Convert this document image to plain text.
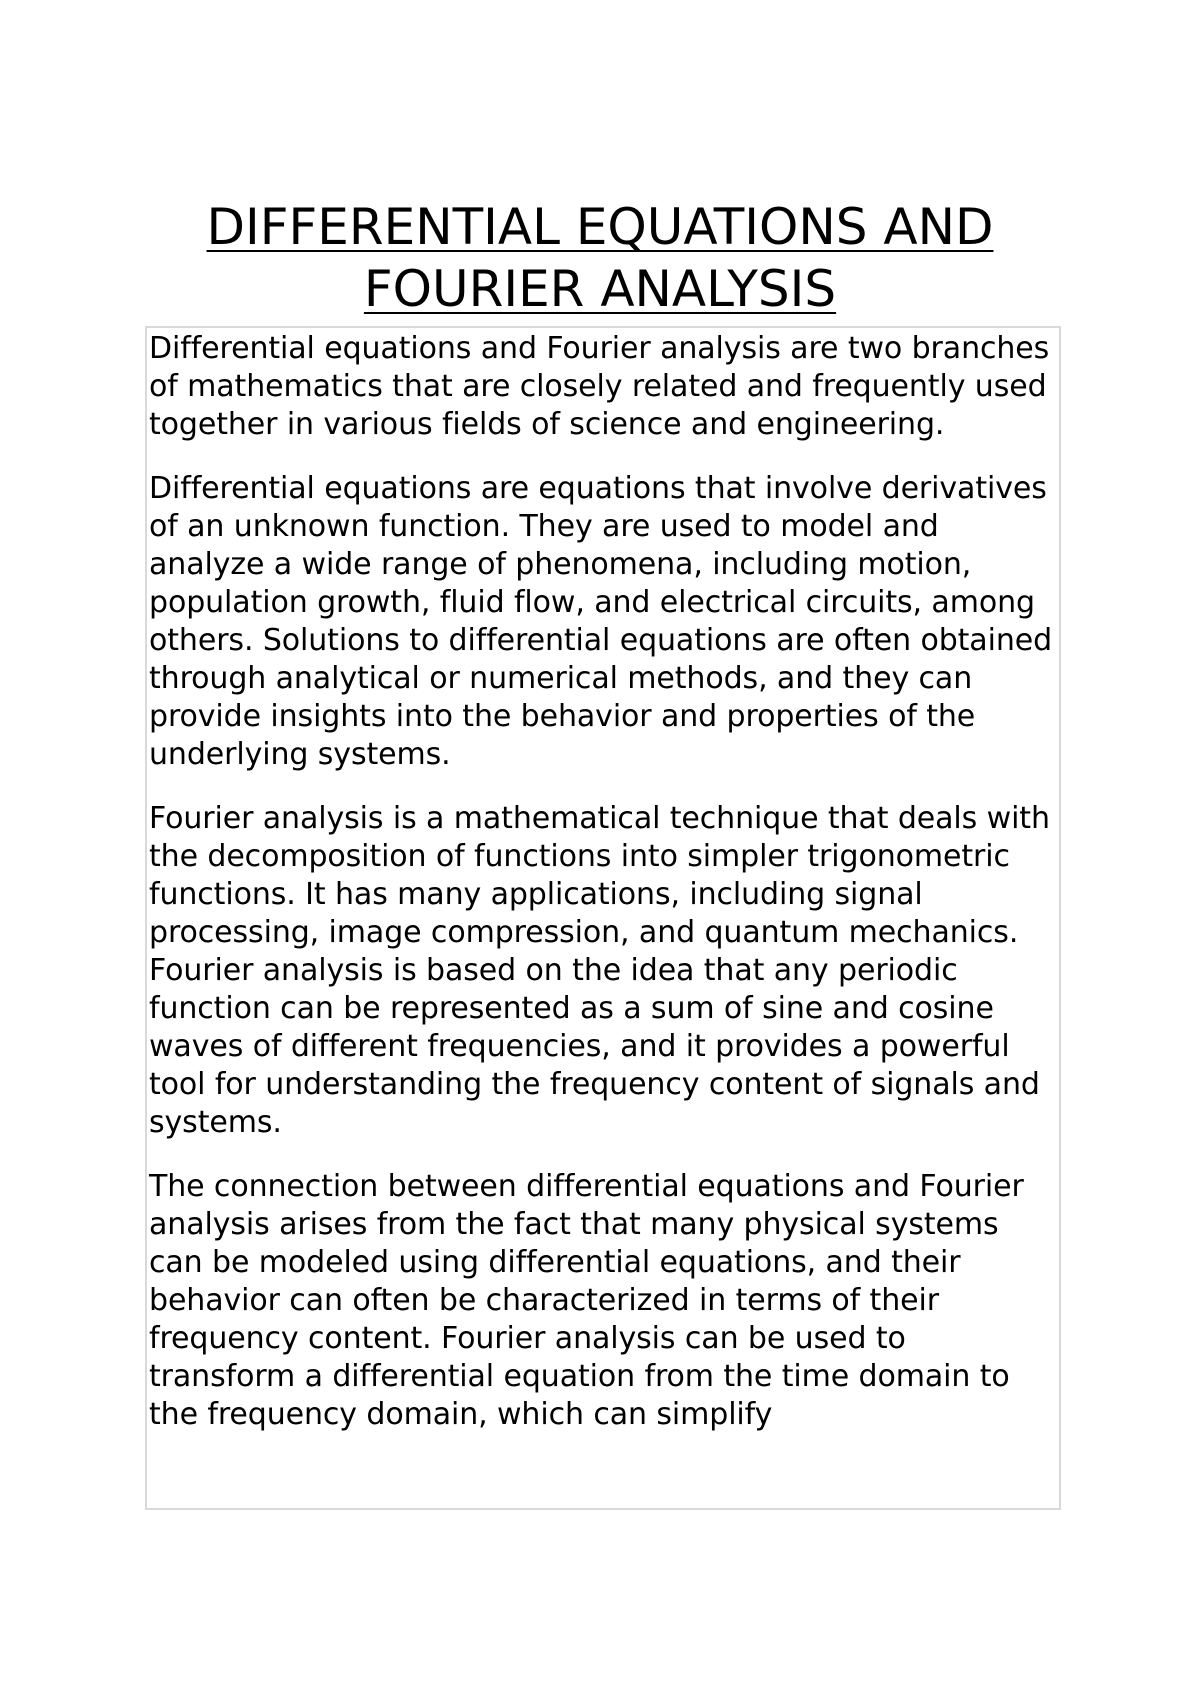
DIFFERENTIAL EQUATIONS AND
FOURIER ANALYSIS

Differential equations and Fourier analysis are two branches of mathematics that are closely related and frequently used together in various fields of science and engineering.

Differential equations are equations that involve derivatives of an unknown function. They are used to model and analyze a wide range of phenomena, including motion, population growth, fluid flow, and electrical circuits, among others. Solutions to differential equations are often obtained through analytical or numerical methods, and they can provide insights into the behavior and properties of the underlying systems.

Fourier analysis is a mathematical technique that deals with the decomposition of functions into simpler trigonometric functions. It has many applications, including signal processing, image compression, and quantum mechanics. Fourier analysis is based on the idea that any periodic function can be represented as a sum of sine and cosine waves of different frequencies, and it provides a powerful tool for understanding the frequency content of signals and systems.

The connection between differential equations and Fourier analysis arises from the fact that many physical systems can be modeled using differential equations, and their behavior can often be characterized in terms of their frequency content. Fourier analysis can be used to transform a differential equation from the time domain to the frequency domain, which can simplify
